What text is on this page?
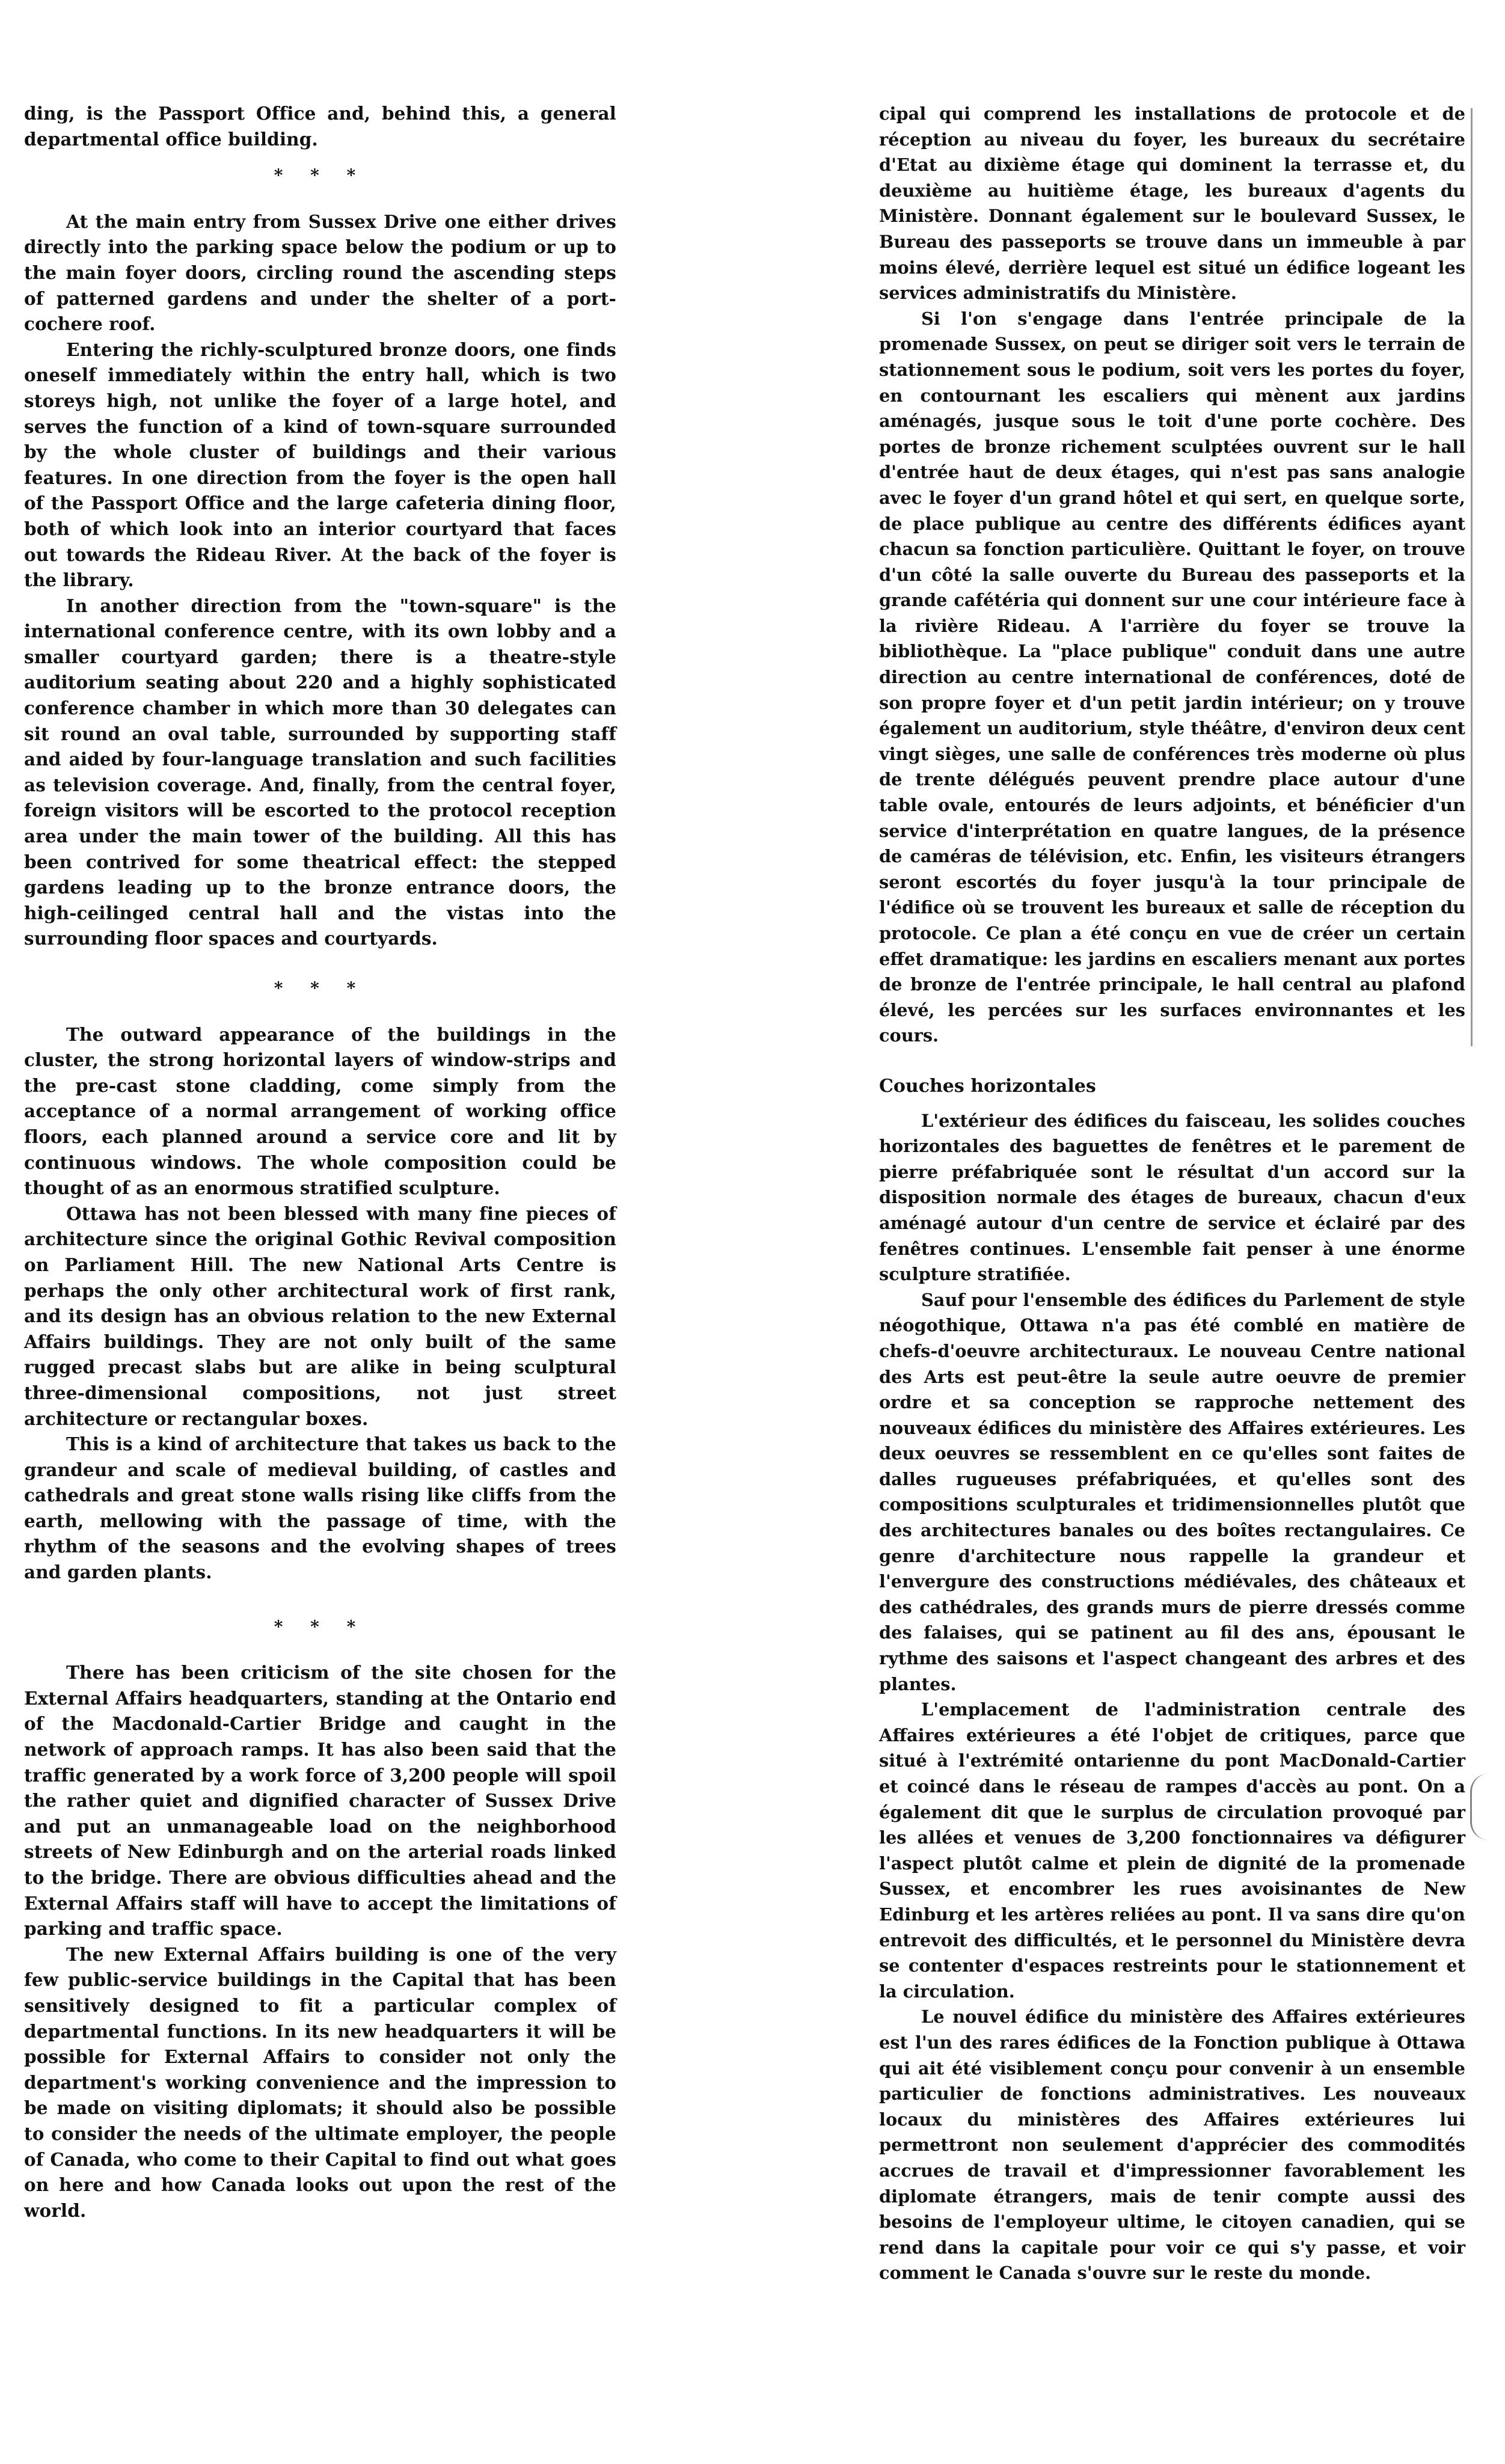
ding, is the Passport Office and, behind this, a general departmental office building.

* * *

At the main entry from Sussex Drive one either drives directly into the parking space below the podium or up to the main foyer doors, circling round the ascending steps of patterned gardens and under the shelter of a port-cochere roof.

Entering the richly-sculptured bronze doors, one finds oneself immediately within the entry hall, which is two storeys high, not unlike the foyer of a large hotel, and serves the function of a kind of town-square surrounded by the whole cluster of buildings and their various features. In one direction from the foyer is the open hall of the Passport Office and the large cafeteria dining floor, both of which look into an interior courtyard that faces out towards the Rideau River. At the back of the foyer is the library.

In another direction from the "town-square" is the international conference centre, with its own lobby and a smaller courtyard garden; there is a theatre-style auditorium seating about 220 and a highly sophisticated conference chamber in which more than 30 delegates can sit round an oval table, surrounded by supporting staff and aided by four-language translation and such facilities as television coverage. And, finally, from the central foyer, foreign visitors will be escorted to the protocol reception area under the main tower of the building. All this has been contrived for some theatrical effect: the stepped gardens leading up to the bronze entrance doors, the high-ceilinged central hall and the vistas into the surrounding floor spaces and courtyards.

* * *

The outward appearance of the buildings in the cluster, the strong horizontal layers of window-strips and the pre-cast stone cladding, come simply from the acceptance of a normal arrangement of working office floors, each planned around a service core and lit by continuous windows. The whole composition could be thought of as an enormous stratified sculpture.

Ottawa has not been blessed with many fine pieces of architecture since the original Gothic Revival composition on Parliament Hill. The new National Arts Centre is perhaps the only other architectural work of first rank, and its design has an obvious relation to the new External Affairs buildings. They are not only built of the same rugged precast slabs but are alike in being sculptural three-dimensional compositions, not just street architecture or rectangular boxes.

This is a kind of architecture that takes us back to the grandeur and scale of medieval building, of castles and cathedrals and great stone walls rising like cliffs from the earth, mellowing with the passage of time, with the rhythm of the seasons and the evolving shapes of trees and garden plants.

* * *

There has been criticism of the site chosen for the External Affairs headquarters, standing at the Ontario end of the Macdonald-Cartier Bridge and caught in the network of approach ramps. It has also been said that the traffic generated by a work force of 3,200 people will spoil the rather quiet and dignified character of Sussex Drive and put an unmanageable load on the neighborhood streets of New Edinburgh and on the arterial roads linked to the bridge. There are obvious difficulties ahead and the External Affairs staff will have to accept the limitations of parking and traffic space.

The new External Affairs building is one of the very few public-service buildings in the Capital that has been sensitively designed to fit a particular complex of departmental functions. In its new headquarters it will be possible for External Affairs to consider not only the department's working convenience and the impression to be made on visiting diplomats; it should also be possible to consider the needs of the ultimate employer, the people of Canada, who come to their Capital to find out what goes on here and how Canada looks out upon the rest of the world.

cipal qui comprend les installations de protocole et de réception au niveau du foyer, les bureaux du secrétaire d'Etat au dixième étage qui dominent la terrasse et, du deuxième au huitième étage, les bureaux d'agents du Ministère. Donnant également sur le boulevard Sussex, le Bureau des passeports se trouve dans un immeuble à par moins élevé, derrière lequel est situé un édifice logeant les services administratifs du Ministère.

Si l'on s'engage dans l'entrée principale de la promenade Sussex, on peut se diriger soit vers le terrain de stationnement sous le podium, soit vers les portes du foyer, en contournant les escaliers qui mènent aux jardins aménagés, jusque sous le toit d'une porte cochère. Des portes de bronze richement sculptées ouvrent sur le hall d'entrée haut de deux étages, qui n'est pas sans analogie avec le foyer d'un grand hôtel et qui sert, en quelque sorte, de place publique au centre des différents édifices ayant chacun sa fonction particulière. Quittant le foyer, on trouve d'un côté la salle ouverte du Bureau des passeports et la grande cafétéria qui donnent sur une cour intérieure face à la rivière Rideau. A l'arrière du foyer se trouve la bibliothèque. La "place publique" conduit dans une autre direction au centre international de conférences, doté de son propre foyer et d'un petit jardin intérieur; on y trouve également un auditorium, style théâtre, d'environ deux cent vingt sièges, une salle de conférences très moderne où plus de trente délégués peuvent prendre place autour d'une table ovale, entourés de leurs adjoints, et bénéficier d'un service d'interprétation en quatre langues, de la présence de caméras de télévision, etc. Enfin, les visiteurs étrangers seront escortés du foyer jusqu'à la tour principale de l'édifice où se trouvent les bureaux et salle de réception du protocole. Ce plan a été conçu en vue de créer un certain effet dramatique: les jardins en escaliers menant aux portes de bronze de l'entrée principale, le hall central au plafond élevé, les percées sur les surfaces environnantes et les cours.

Couches horizontales

L'extérieur des édifices du faisceau, les solides couches horizontales des baguettes de fenêtres et le parement de pierre préfabriquée sont le résultat d'un accord sur la disposition normale des étages de bureaux, chacun d'eux aménagé autour d'un centre de service et éclairé par des fenêtres continues. L'ensemble fait penser à une énorme sculpture stratifiée.

Sauf pour l'ensemble des édifices du Parlement de style néogothique, Ottawa n'a pas été comblé en matière de chefs-d'oeuvre architecturaux. Le nouveau Centre national des Arts est peut-être la seule autre oeuvre de premier ordre et sa conception se rapproche nettement des nouveaux édifices du ministère des Affaires extérieures. Les deux oeuvres se ressemblent en ce qu'elles sont faites de dalles rugueuses préfabriquées, et qu'elles sont des compositions sculpturales et tridimensionnelles plutôt que des architectures banales ou des boîtes rectangulaires. Ce genre d'architecture nous rappelle la grandeur et l'envergure des constructions médiévales, des châteaux et des cathédrales, des grands murs de pierre dressés comme des falaises, qui se patinent au fil des ans, épousant le rythme des saisons et l'aspect changeant des arbres et des plantes.

L'emplacement de l'administration centrale des Affaires extérieures a été l'objet de critiques, parce que situé à l'extrémité ontarienne du pont MacDonald-Cartier et coincé dans le réseau de rampes d'accès au pont. On a également dit que le surplus de circulation provoqué par les allées et venues de 3,200 fonctionnaires va défigurer l'aspect plutôt calme et plein de dignité de la promenade Sussex, et encombrer les rues avoisinantes de New Edinburg et les artères reliées au pont. Il va sans dire qu'on entrevoit des difficultés, et le personnel du Ministère devra se contenter d'espaces restreints pour le stationnement et la circulation.

Le nouvel édifice du ministère des Affaires extérieures est l'un des rares édifices de la Fonction publique à Ottawa qui ait été visiblement conçu pour convenir à un ensemble particulier de fonctions administratives. Les nouveaux locaux du ministères des Affaires extérieures lui permettront non seulement d'apprécier des commodités accrues de travail et d'impressionner favorablement les diplomate étrangers, mais de tenir compte aussi des besoins de l'employeur ultime, le citoyen canadien, qui se rend dans la capitale pour voir ce qui s'y passe, et voir comment le Canada s'ouvre sur le reste du monde.
